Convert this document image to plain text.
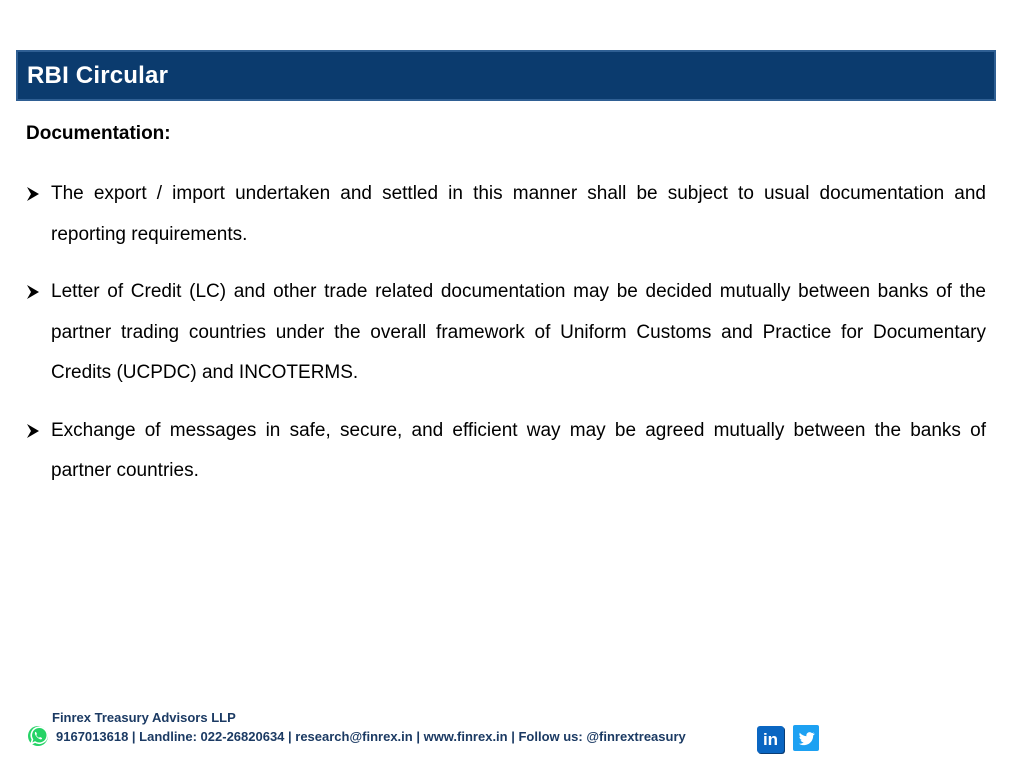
RBI Circular
Documentation:
The export / import undertaken and settled in this manner shall be subject to usual documentation and reporting requirements.
Letter of Credit (LC) and other trade related documentation may be decided mutually between banks of the partner trading countries under the overall framework of Uniform Customs and Practice for Documentary Credits (UCPDC) and INCOTERMS.
Exchange of messages in safe, secure, and efficient way may be agreed mutually between the banks of partner countries.
Finrex Treasury Advisors LLP
9167013618 | Landline: 022-26820634 | research@finrex.in | www.finrex.in | Follow us: @finrextreasury	in
